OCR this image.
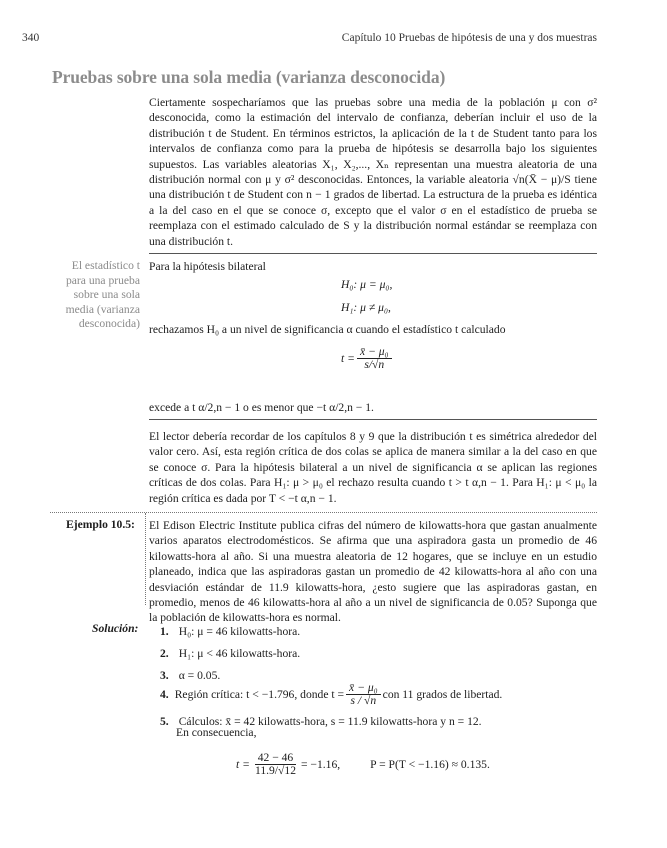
340	Capítulo 10 Pruebas de hipótesis de una y dos muestras
Pruebas sobre una sola media (varianza desconocida)

Ciertamente sospecharíamos que las pruebas sobre una media de la población μ con σ² desconocida, como la estimación del intervalo de confianza, deberían incluir el uso de la distribución t de Student. En términos estrictos, la aplicación de la t de Student tanto para los intervalos de confianza como para la prueba de hipótesis se desarrolla bajo los siguientes supuestos. Las variables aleatorias X₁, X₂,..., Xₙ representan una muestra aleatoria de una distribución normal con μ y σ² desconocidas. Entonces, la variable aleatoria √n(X̄ − μ)/S tiene una distribución t de Student con n − 1 grados de libertad. La estructura de la prueba es idéntica a la del caso en el que se conoce σ, excepto que el valor σ en el estadístico de prueba se reemplaza con el estimado calculado de S y la distribución normal estándar se reemplaza con una distribución t.

El estadístico t para una prueba sobre una sola media (varianza desconocida)
Para la hipótesis bilateral
H₀: μ = μ₀,
H₁: μ ≠ μ₀,
rechazamos H₀ a un nivel de significancia α cuando el estadístico t calculado
$t = \frac{\text{x̄ − μ₀}}{s/√n}$
excede a t α/2,n − 1 o es menor que −t α/2,n − 1.

El lector debería recordar de los capítulos 8 y 9 que la distribución t es simétrica alrededor del valor cero. Así, esta región crítica de dos colas se aplica de manera similar a la del caso en que se conoce σ. Para la hipótesis bilateral a un nivel de significancia α se aplican las regiones críticas de dos colas. Para H₁: μ > μ₀ el rechazo resulta cuando t > t α,n − 1. Para H₁: μ < μ₀ la región crítica es dada por T < −t α,n − 1.

Ejemplo 10.5: El Edison Electric Institute publica cifras del número de kilowatts-hora que gastan anualmente varios aparatos electrodomésticos. Se afirma que una aspiradora gasta un promedio de 46 kilowatts-hora al año. Si una muestra aleatoria de 12 hogares, que se incluye en un estudio planeado, indica que las aspiradoras gastan un promedio de 42 kilowatts-hora al año con una desviación estándar de 11.9 kilowatts-hora, ¿esto sugiere que las aspiradoras gastan, en promedio, menos de 46 kilowatts-hora al año a un nivel de significancia de 0.05? Suponga que la población de kilowatts-hora es normal.

Solución: 1. H₀: μ = 46 kilowatts-hora.
2. H₁: μ < 46 kilowatts-hora.
3. α = 0.05.
4. Región crítica: t < −1.796, donde $t = \frac{\text{x̄ − μ₀}}{s / √n}$ con 11 grados de libertad.
5. Cálculos: x̄ = 42 kilowatts-hora, s = 11.9 kilowatts-hora y n = 12.
En consecuencia,
$t = \frac{42 - 46}{11.9/√12} = -1.16$,	P = P(T < −1.16) ≈ 0.135.
